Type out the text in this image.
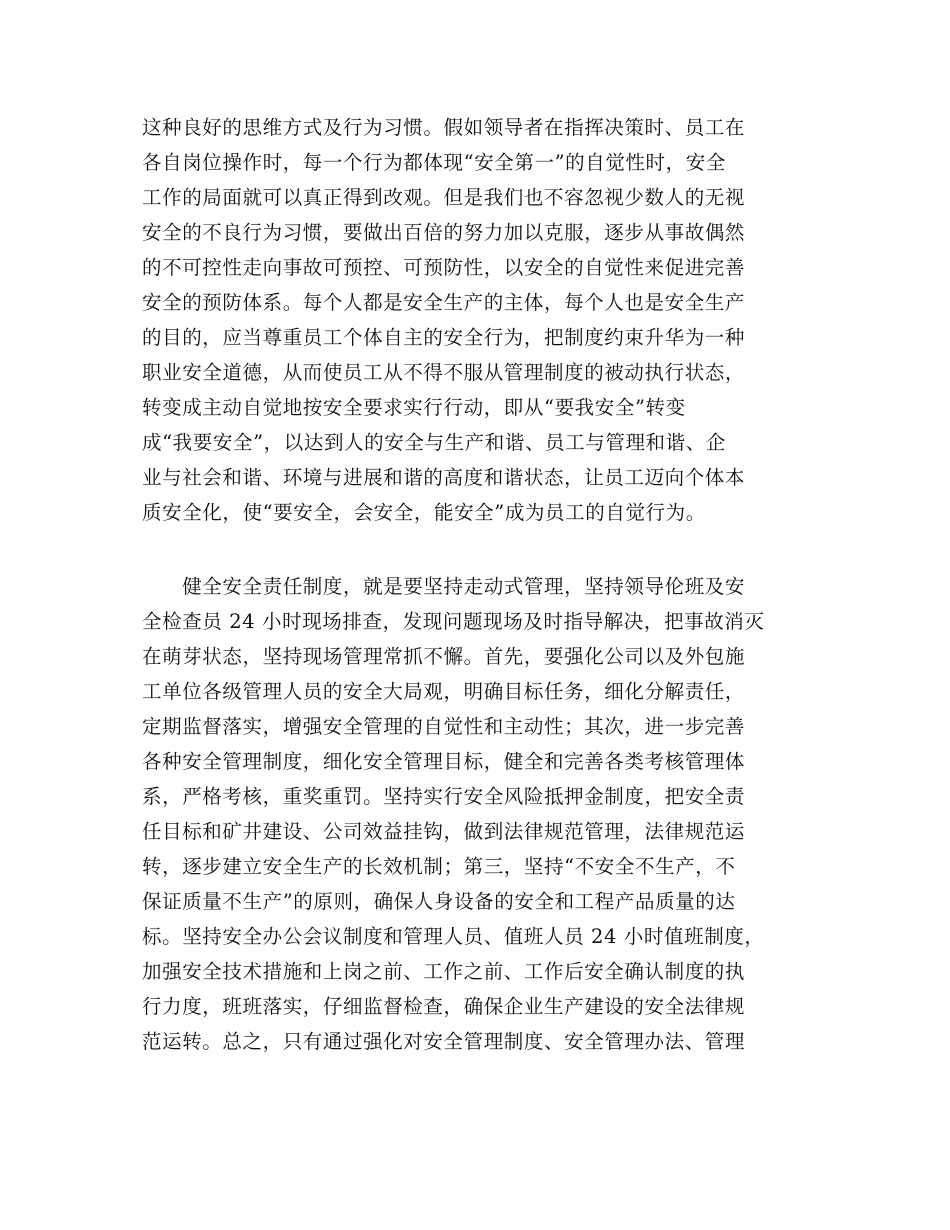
这种良好的思维方式及行为习惯。假如领导者在指挥决策时、员工在
各自岗位操作时，每一个行为都体现“安全第一”的自觉性时，安全
工作的局面就可以真正得到改观。但是我们也不容忽视少数人的无视
安全的不良行为习惯，要做出百倍的努力加以克服，逐步从事故偶然
的不可控性走向事故可预控、可预防性，以安全的自觉性来促进完善
安全的预防体系。每个人都是安全生产的主体，每个人也是安全生产
的目的，应当尊重员工个体自主的安全行为，把制度约束升华为一种
职业安全道德，从而使员工从不得不服从管理制度的被动执行状态，
转变成主动自觉地按安全要求实行行动，即从“要我安全”转变
成“我要安全”，以达到人的安全与生产和谐、员工与管理和谐、企
业与社会和谐、环境与进展和谐的高度和谐状态，让员工迈向个体本
质安全化，使“要安全，会安全，能安全”成为员工的自觉行为。
　　健全安全责任制度，就是要坚持走动式管理，坚持领导伦班及安
全检查员 24 小时现场排查，发现问题现场及时指导解决，把事故消灭
在萌芽状态，坚持现场管理常抓不懈。首先，要强化公司以及外包施
工单位各级管理人员的安全大局观，明确目标任务，细化分解责任，
定期监督落实，增强安全管理的自觉性和主动性；其次，进一步完善
各种安全管理制度，细化安全管理目标，健全和完善各类考核管理体
系，严格考核，重奖重罚。坚持实行安全风险抵押金制度，把安全责
任目标和矿井建设、公司效益挂钩，做到法律规范管理，法律规范运
转，逐步建立安全生产的长效机制；第三，坚持“不安全不生产，不
保证质量不生产”的原则，确保人身设备的安全和工程产品质量的达
标。坚持安全办公会议制度和管理人员、值班人员 24 小时值班制度，
加强安全技术措施和上岗之前、工作之前、工作后安全确认制度的执
行力度，班班落实，仔细监督检查，确保企业生产建设的安全法律规
范运转。总之，只有通过强化对安全管理制度、安全管理办法、管理
